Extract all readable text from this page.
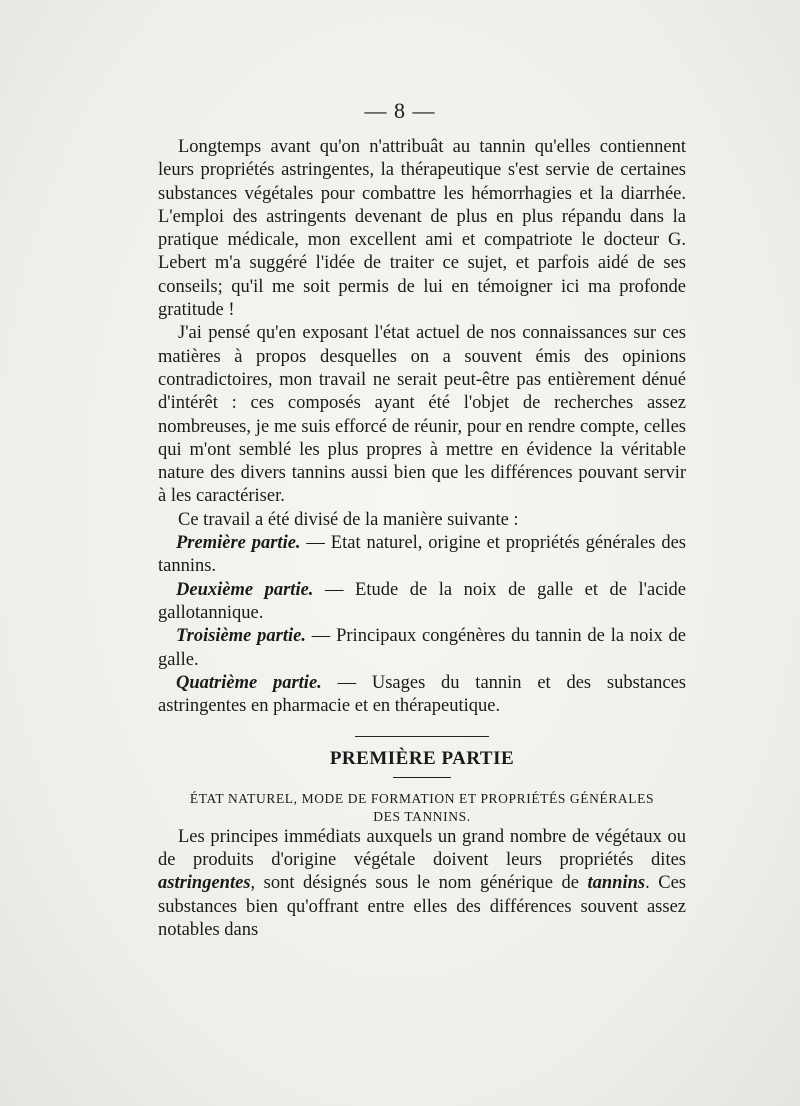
— 8 —

Longtemps avant qu'on n'attribuât au tannin qu'elles contiennent leurs propriétés astringentes, la thérapeutique s'est servie de certaines substances végétales pour combattre les hémorrhagies et la diarrhée. L'emploi des astringents devenant de plus en plus répandu dans la pratique médicale, mon excellent ami et compatriote le docteur G. Lebert m'a suggéré l'idée de traiter ce sujet, et parfois aidé de ses conseils; qu'il me soit permis de lui en témoigner ici ma profonde gratitude !

J'ai pensé qu'en exposant l'état actuel de nos connaissances sur ces matières à propos desquelles on a souvent émis des opinions contradictoires, mon travail ne serait peut-être pas entièrement dénué d'intérêt : ces composés ayant été l'objet de recherches assez nombreuses, je me suis efforcé de réunir, pour en rendre compte, celles qui m'ont semblé les plus propres à mettre en évidence la véritable nature des divers tannins aussi bien que les différences pouvant servir à les caractériser.

Ce travail a été divisé de la manière suivante :

Première partie. — Etat naturel, origine et propriétés générales des tannins.

Deuxième partie. — Etude de la noix de galle et de l'acide gallotannique.

Troisième partie. — Principaux congénères du tannin de la noix de galle.

Quatrième partie. — Usages du tannin et des substances astringentes en pharmacie et en thérapeutique.

PREMIÈRE PARTIE
ÉTAT NATUREL, MODE DE FORMATION ET PROPRIÉTÉS GÉNÉRALES
DES TANNINS.

Les principes immédiats auxquels un grand nombre de végétaux ou de produits d'origine végétale doivent leurs propriétés dites astringentes, sont désignés sous le nom générique de tannins. Ces substances bien qu'offrant entre elles des différences souvent assez notables dans
